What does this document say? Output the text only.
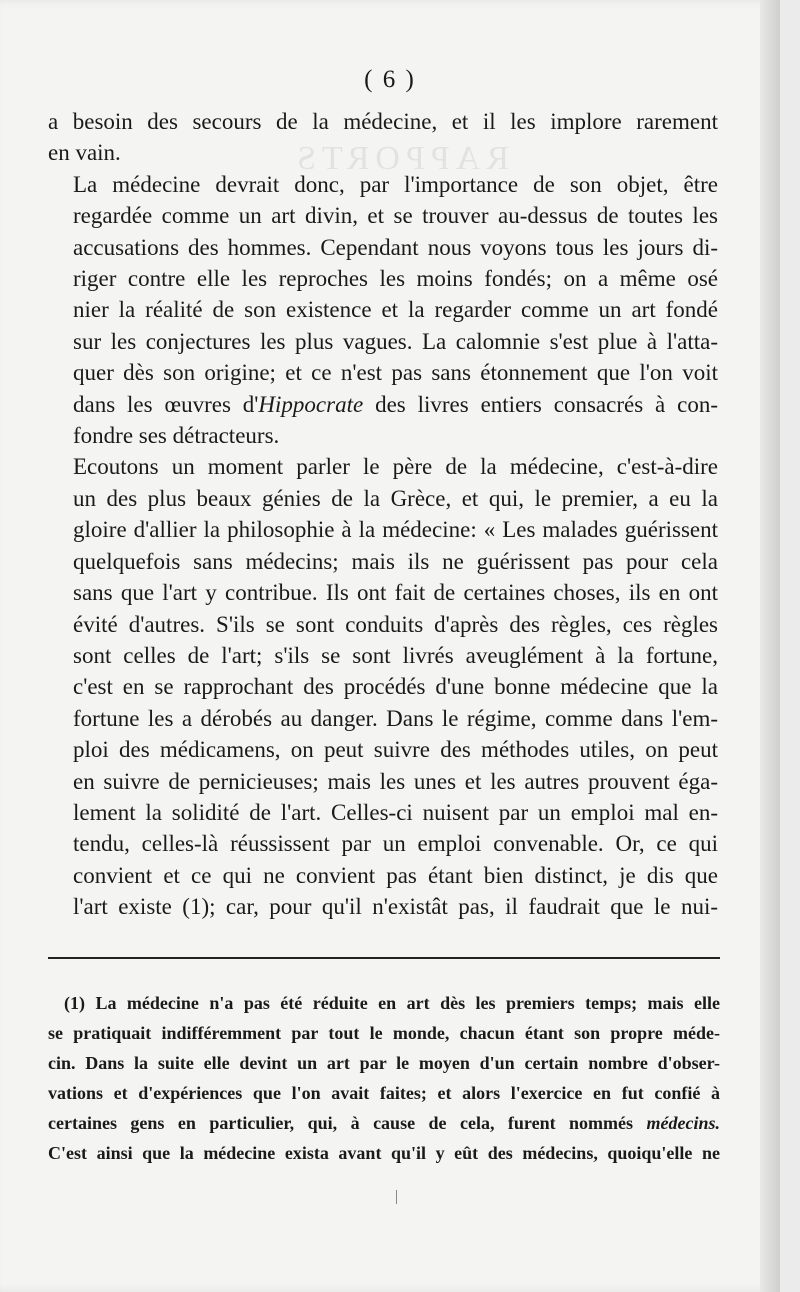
RAPPORTS
( 6 )

a besoin des secours de la médecine, et il les implore rarement
en vain.

La médecine devrait donc, par l'importance de son objet, être
regardée comme un art divin, et se trouver au-dessus de toutes les
accusations des hommes. Cependant nous voyons tous les jours di-
riger contre elle les reproches les moins fondés; on a même osé
nier la réalité de son existence et la regarder comme un art fondé
sur les conjectures les plus vagues. La calomnie s'est plue à l'atta-
quer dès son origine; et ce n'est pas sans étonnement que l'on voit
dans les œuvres d'Hippocrate des livres entiers consacrés à con-
fondre ses détracteurs.

Ecoutons un moment parler le père de la médecine, c'est-à-dire
un des plus beaux génies de la Grèce, et qui, le premier, a eu la
gloire d'allier la philosophie à la médecine: « Les malades guérissent
quelquefois sans médecins; mais ils ne guérissent pas pour cela
sans que l'art y contribue. Ils ont fait de certaines choses, ils en ont
évité d'autres. S'ils se sont conduits d'après des règles, ces règles
sont celles de l'art; s'ils se sont livrés aveuglément à la fortune,
c'est en se rapprochant des procédés d'une bonne médecine que la
fortune les a dérobés au danger. Dans le régime, comme dans l'em-
ploi des médicamens, on peut suivre des méthodes utiles, on peut
en suivre de pernicieuses; mais les unes et les autres prouvent éga-
lement la solidité de l'art. Celles-ci nuisent par un emploi mal en-
tendu, celles-là réussissent par un emploi convenable. Or, ce qui
convient et ce qui ne convient pas étant bien distinct, je dis que
l'art existe (1); car, pour qu'il n'existât pas, il faudrait que le nui-

(1) La médecine n'a pas été réduite en art dès les premiers temps; mais elle
se pratiquait indifféremment par tout le monde, chacun étant son propre méde-
cin. Dans la suite elle devint un art par le moyen d'un certain nombre d'obser-
vations et d'expériences que l'on avait faites; et alors l'exercice en fut confié à
certaines gens en particulier, qui, à cause de cela, furent nommés médecins.
C'est ainsi que la médecine exista avant qu'il y eût des médecins, quoiqu'elle ne
